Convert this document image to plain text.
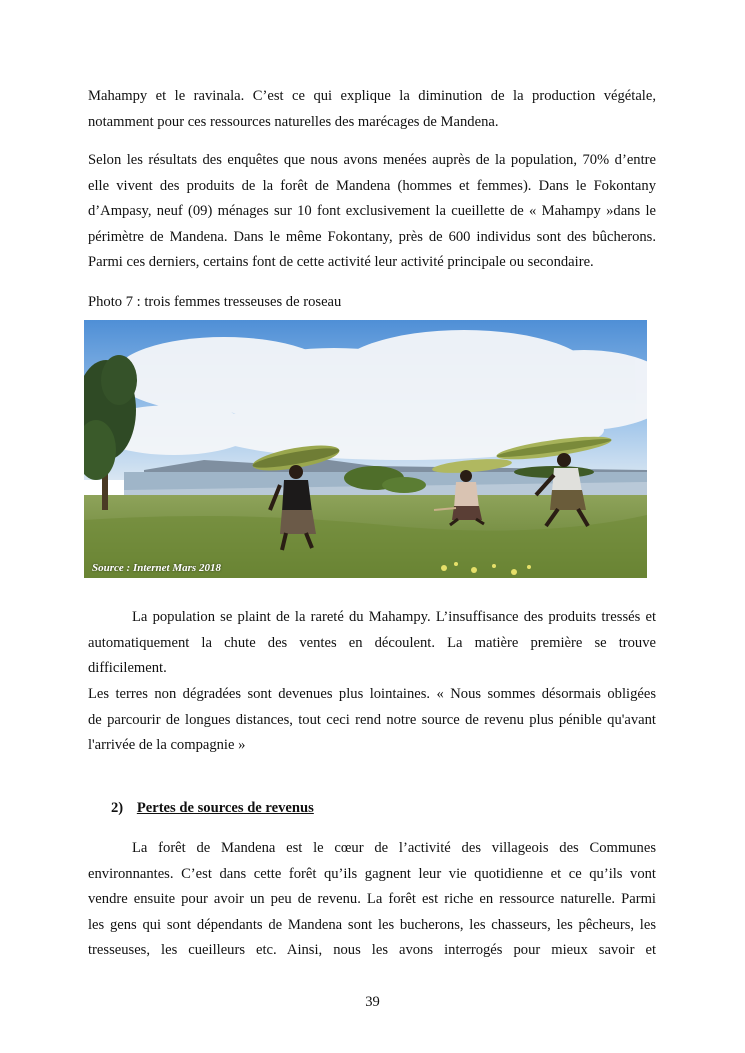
Mahampy et le ravinala. C’est ce qui explique la diminution de la production végétale,
notamment pour ces ressources naturelles des marécages de Mandena.
Selon les résultats des enquêtes que nous avons menées auprès de la population, 70% d’entre
elle vivent des produits de la forêt de Mandena (hommes et femmes). Dans le Fokontany
d’Ampasy, neuf (09) ménages sur 10 font exclusivement la cueillette de « Mahampy »dans le
périmètre de Mandena. Dans le même Fokontany, près de 600 individus sont des bûcherons.
Parmi ces derniers, certains font de cette activité leur activité principale ou secondaire.
Photo 7 : trois femmes tresseuses de roseau
Source : Internet Mars 2018
La population se plaint de la rareté du Mahampy. L’insuffisance des produits tressés et
automatiquement la chute des ventes en découlent. La matière première se trouve
difficilement.
Les terres non dégradées sont devenues plus lointaines. « Nous sommes désormais obligées
de parcourir de longues distances, tout ceci rend notre source de revenu plus pénible qu'avant
l'arrivée de la compagnie »
2) Pertes de sources de revenus
La forêt de Mandena est le cœur de l’activité des villageois des Communes
environnantes. C’est dans cette forêt qu’ils gagnent leur vie quotidienne et ce qu’ils vont
vendre ensuite pour avoir un peu de revenu. La forêt est riche en ressource naturelle. Parmi
les gens qui sont dépendants de Mandena sont les bucherons, les chasseurs, les pêcheurs, les
tresseuses, les cueilleurs etc. Ainsi, nous les avons interrogés pour mieux savoir et
39
